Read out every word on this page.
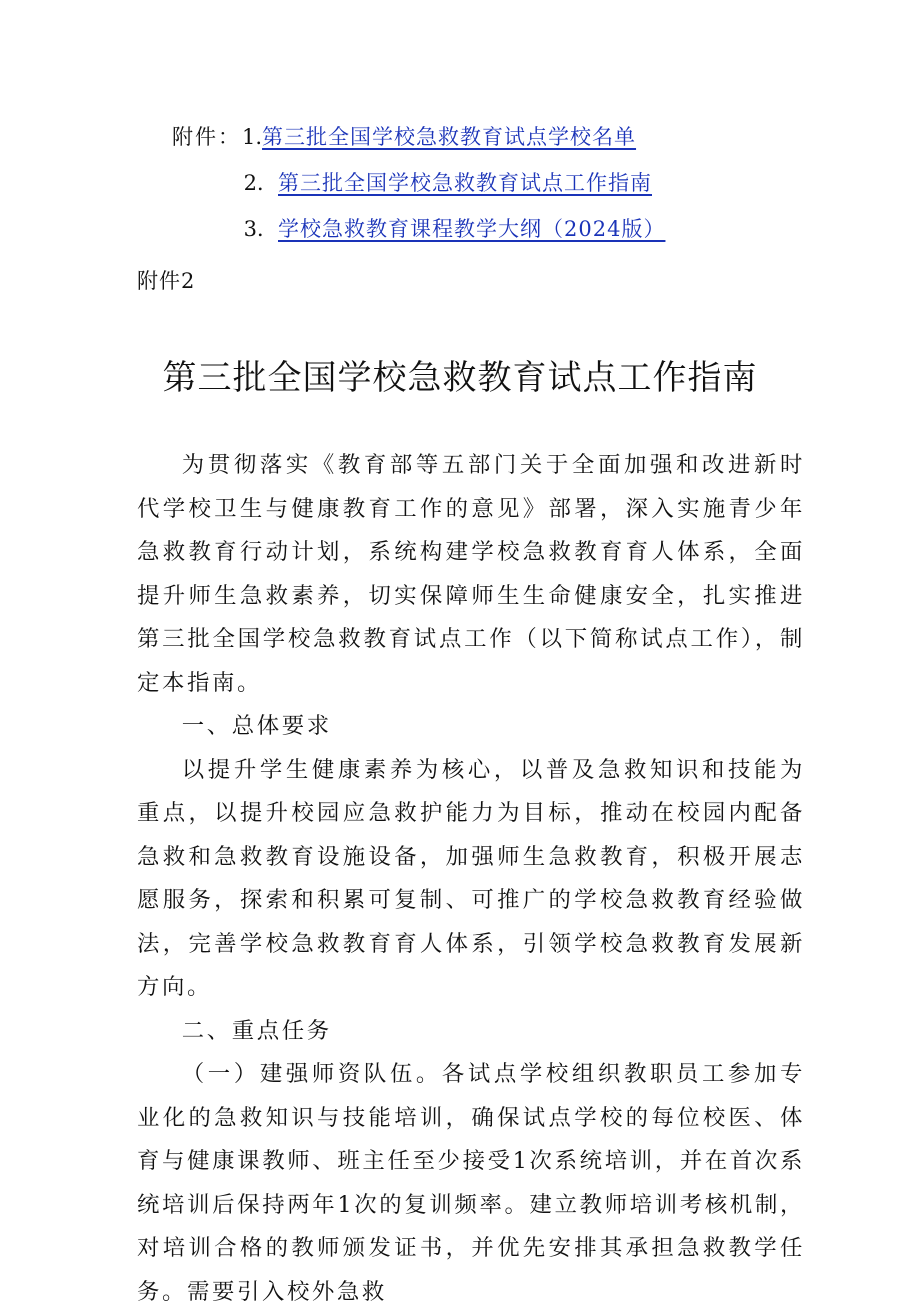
附件：1.第三批全国学校急救教育试点学校名单
2．第三批全国学校急救教育试点工作指南
3．学校急救教育课程教学大纲（2024版）
附件2
第三批全国学校急救教育试点工作指南

为贯彻落实《教育部等五部门关于全面加强和改进新时代学校卫生与健康教育工作的意见》部署，深入实施青少年急救教育行动计划，系统构建学校急救教育育人体系，全面提升师生急救素养，切实保障师生生命健康安全，扎实推进第三批全国学校急救教育试点工作（以下简称试点工作），制定本指南。

一、总体要求

以提升学生健康素养为核心，以普及急救知识和技能为重点，以提升校园应急救护能力为目标，推动在校园内配备急救和急救教育设施设备，加强师生急救教育，积极开展志愿服务，探索和积累可复制、可推广的学校急救教育经验做法，完善学校急救教育育人体系，引领学校急救教育发展新方向。

二、重点任务

（一）建强师资队伍。各试点学校组织教职员工参加专业化的急救知识与技能培训，确保试点学校的每位校医、体育与健康课教师、班主任至少接受1次系统培训，并在首次系统培训后保持两年1次的复训频率。建立教师培训考核机制，对培训合格的教师颁发证书，并优先安排其承担急救教学任务。需要引入校外急救
